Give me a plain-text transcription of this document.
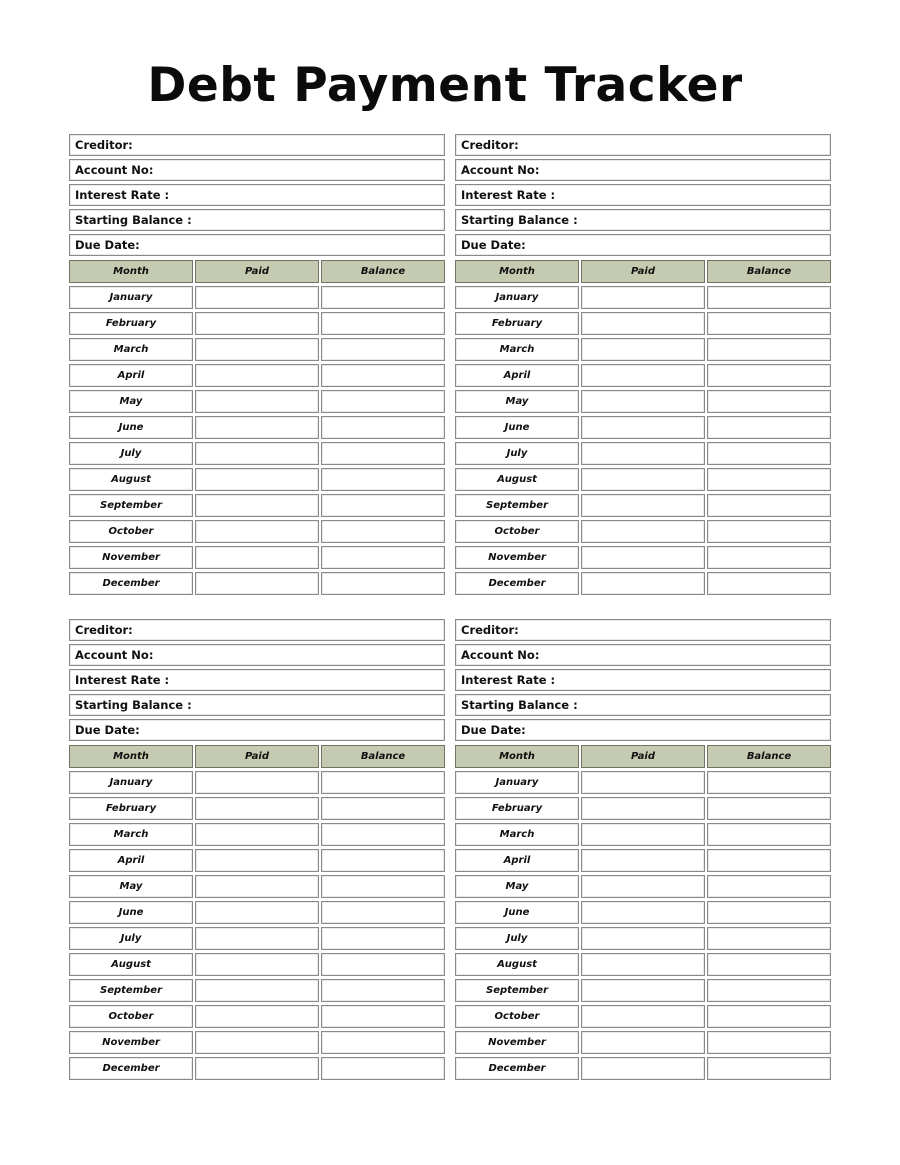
Debt Payment Tracker
Creditor:
Account No:
Interest Rate :
Starting Balance :
Due Date:
Month	Paid	Balance
January
February
March
April
May
June
July
August
September
October
November
December
Creditor:
Account No:
Interest Rate :
Starting Balance :
Due Date:
Month	Paid	Balance
January
February
March
April
May
June
July
August
September
October
November
December
Creditor:
Account No:
Interest Rate :
Starting Balance :
Due Date:
Month	Paid	Balance
January
February
March
April
May
June
July
August
September
October
November
December
Creditor:
Account No:
Interest Rate :
Starting Balance :
Due Date:
Month	Paid	Balance
January
February
March
April
May
June
July
August
September
October
November
December
